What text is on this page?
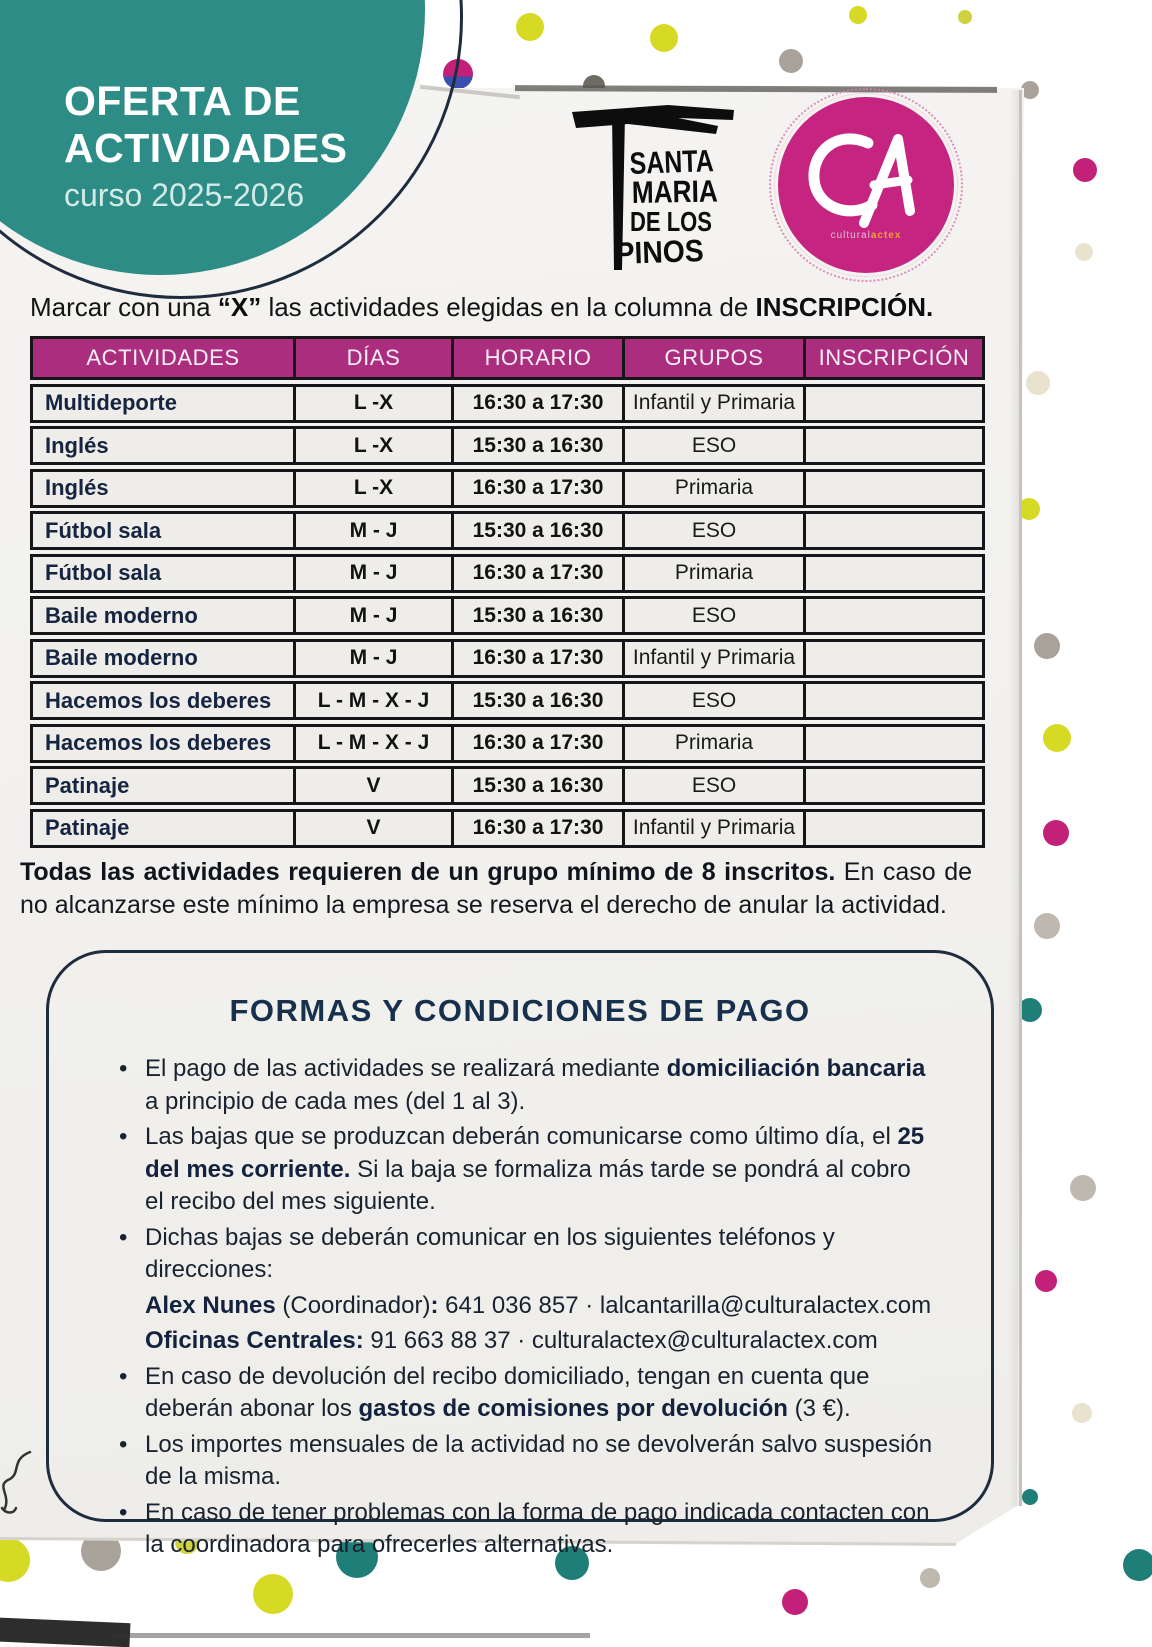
OFERTA DE
ACTIVIDADES
curso 2025-2026
SANTA
MARIA
DE LOS
PINOS	culturalactex
Marcar con una “X” las actividades elegidas en la columna de INSCRIPCIÓN.
ACTIVIDADES	DÍAS	HORARIO	GRUPOS	INSCRIPCIÓN
Multideporte	L -X	16:30 a 17:30	Infantil y Primaria
Inglés	L -X	15:30 a 16:30	ESO
Inglés	L -X	16:30 a 17:30	Primaria
Fútbol sala	M - J	15:30 a 16:30	ESO
Fútbol sala	M - J	16:30 a 17:30	Primaria
Baile moderno	M - J	15:30 a 16:30	ESO
Baile moderno	M - J	16:30 a 17:30	Infantil y Primaria
Hacemos los deberes	L - M - X - J	15:30 a 16:30	ESO
Hacemos los deberes	L - M - X - J	16:30 a 17:30	Primaria
Patinaje	V	15:30 a 16:30	ESO
Patinaje	V	16:30 a 17:30	Infantil y Primaria
Todas las actividades requieren de un grupo mínimo de 8 inscritos. En caso de no alcanzarse este mínimo la empresa se reserva el derecho de anular la actividad.
FORMAS Y CONDICIONES DE PAGO
• El pago de las actividades se realizará mediante domiciliación bancaria a principio de cada mes (del 1 al 3).
• Las bajas que se produzcan deberán comunicarse como último día, el 25 del mes corriente. Si la baja se formaliza más tarde se pondrá al cobro el recibo del mes siguiente.
• Dichas bajas se deberán comunicar en los siguientes teléfonos y direcciones:
Alex Nunes (Coordinador): 641 036 857 · lalcantarilla@culturalactex.com
Oficinas Centrales: 91 663 88 37 · culturalactex@culturalactex.com
• En caso de devolución del recibo domiciliado, tengan en cuenta que deberán abonar los gastos de comisiones por devolución (3 €).
• Los importes mensuales de la actividad no se devolverán salvo suspesión de la misma.
• En caso de tener problemas con la forma de pago indicada contacten con la coordinadora para ofrecerles alternativas.
